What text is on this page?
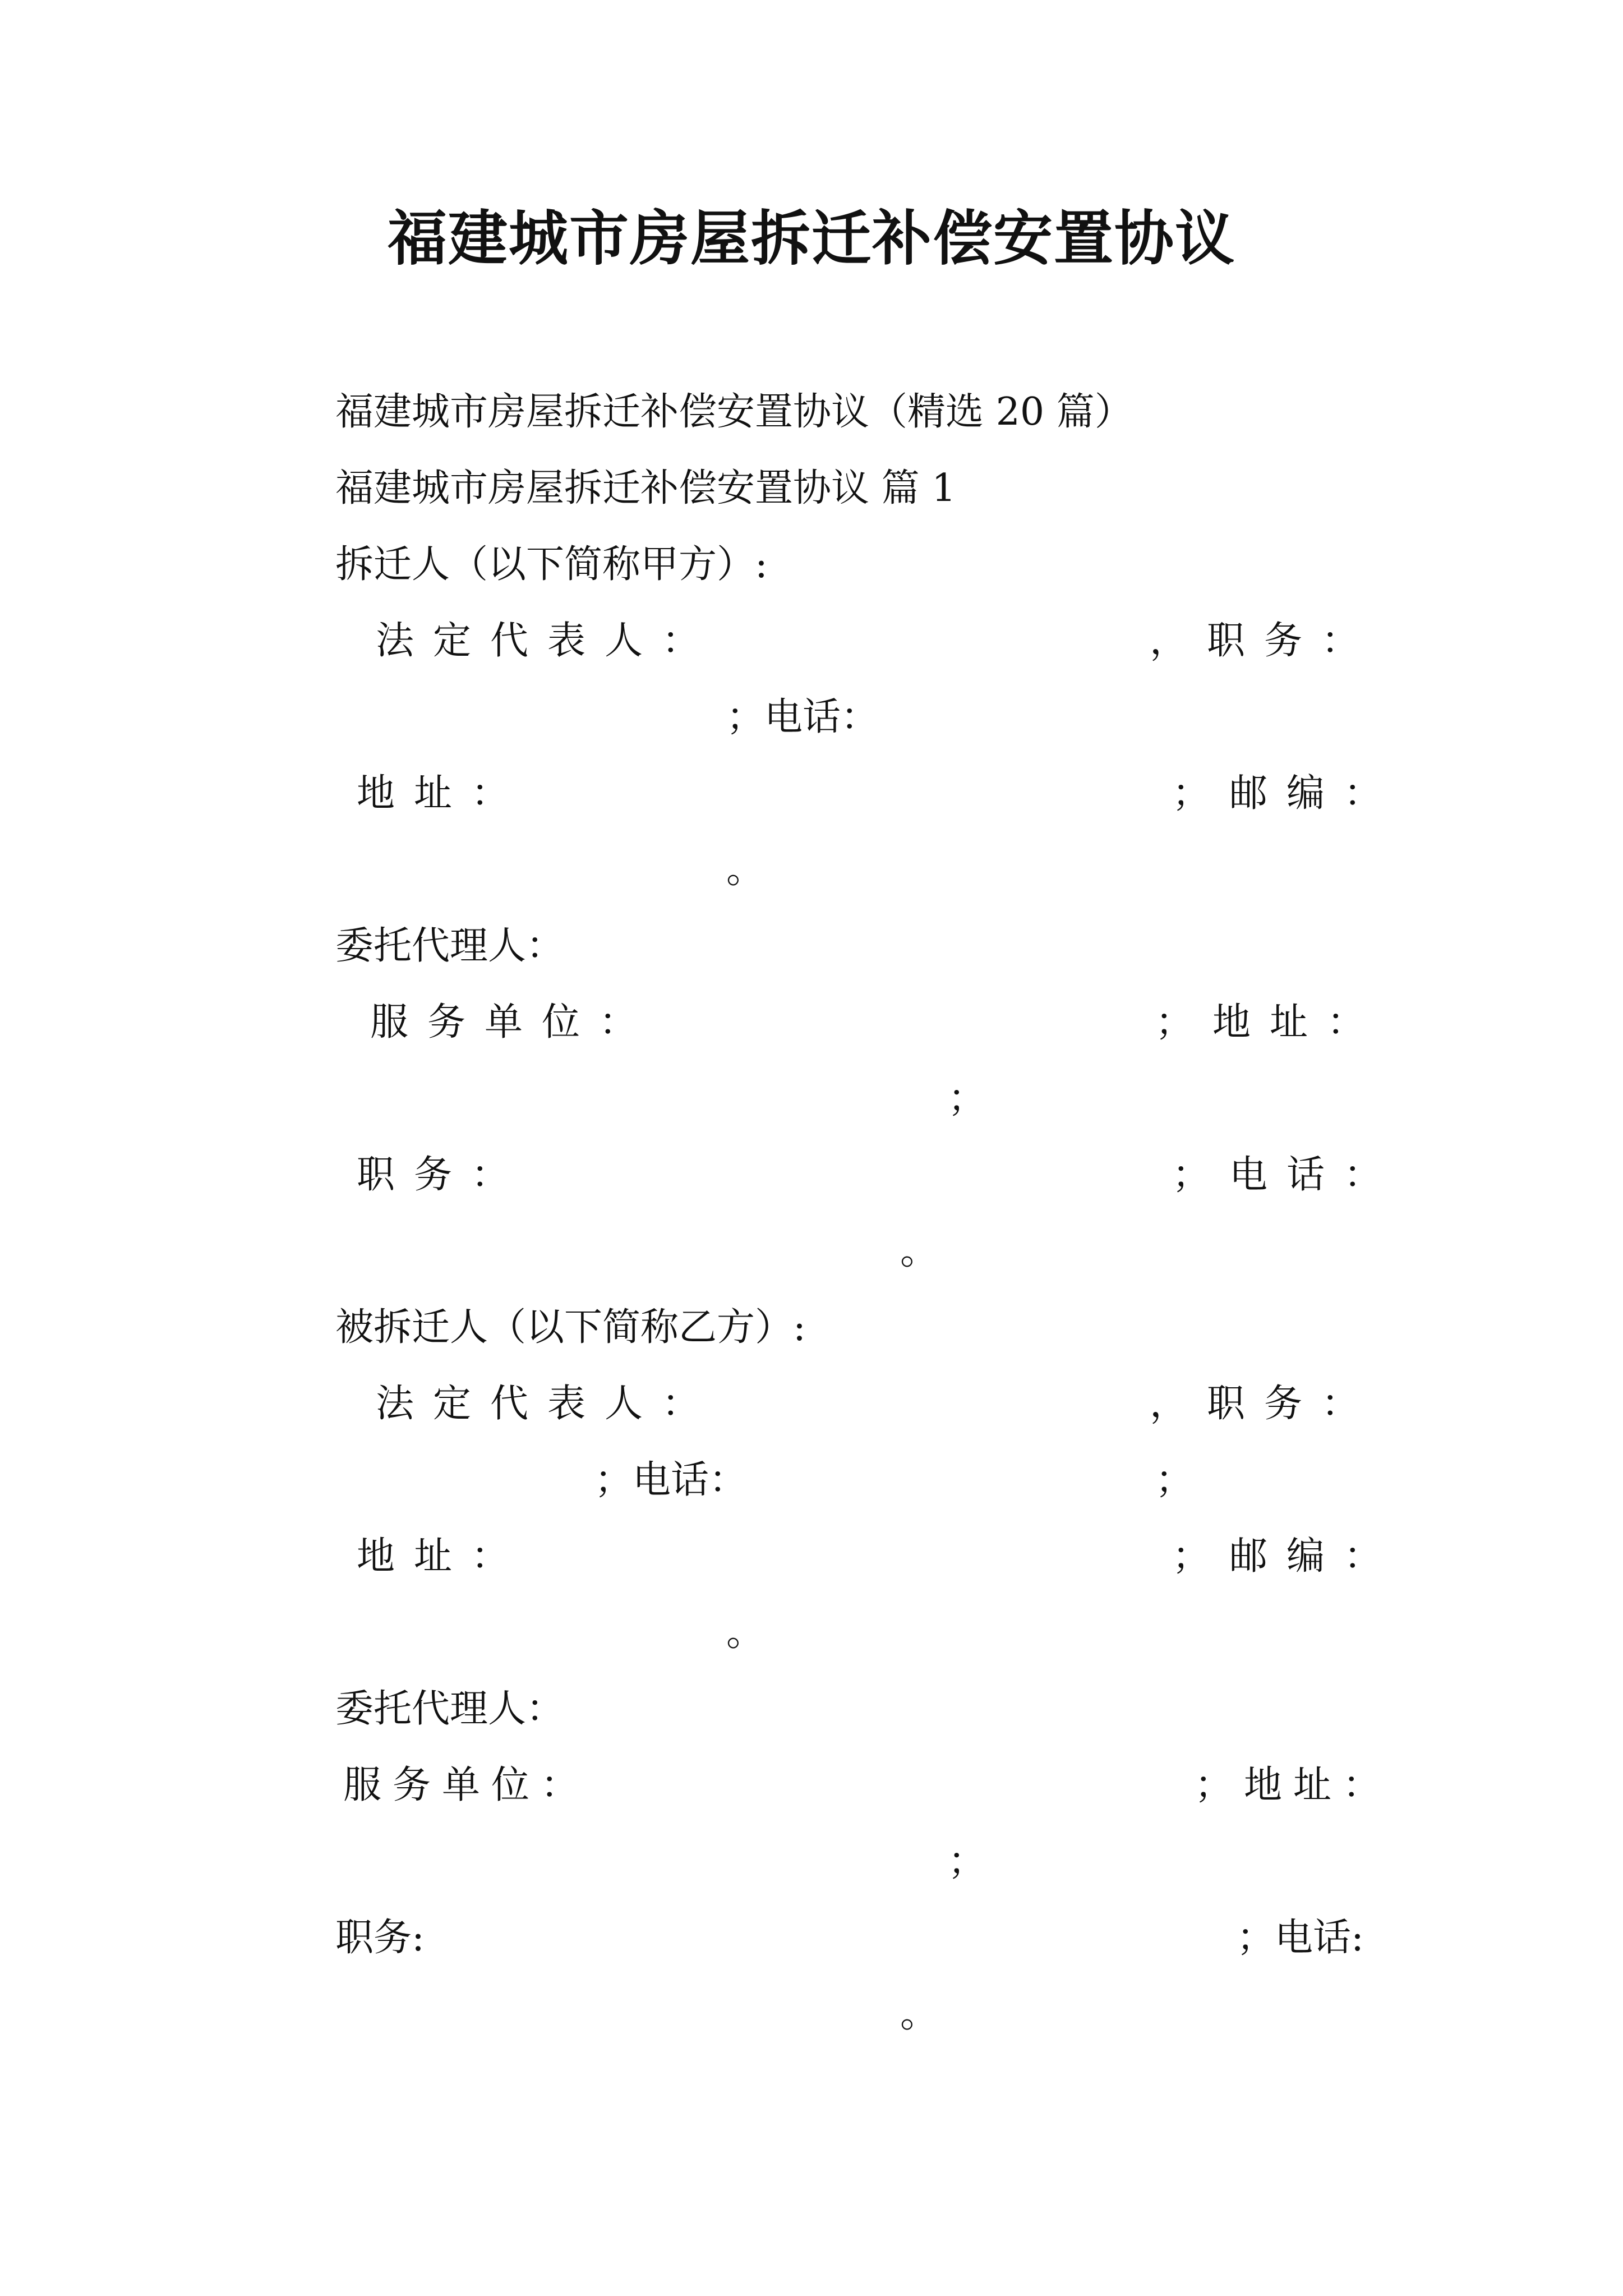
福建城市房屋拆迁补偿安置协议
福建城市房屋拆迁补偿安置协议（精选 20 篇）
福建城市房屋拆迁补偿安置协议 篇 1
拆迁人（以下简称甲方）:
法定代表人：	，职务：
；电话：
地址：	；邮编：
。
委托代理人：
服务单位：	；地址：
；
职务：	；电话：
。
被拆迁人（以下简称乙方）:
法定代表人：	，职务：
；电话：	；
地址：	；邮编：
。
委托代理人：
服务单位：	；地址：
；
职务:	；电话:
。
